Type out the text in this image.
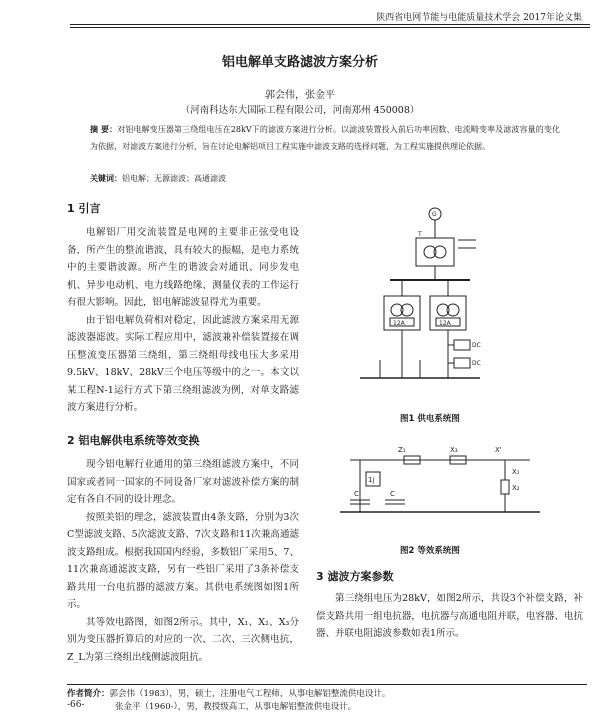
陕西省电网节能与电能质量技术学会 2017年论文集
铝电解单支路滤波方案分析
郭会伟，张金平
（河南科达东大国际工程有限公司，河南郑州 450008）
摘 要：对铝电解变压器第三绕组电压在28kV下的滤波方案进行分析。以滤波装置投入前后功率因数、电流畸变率及滤波容量的变化为依据，对滤波方案进行分析，旨在讨论电解铝项目工程实施中滤波支路的选择问题，为工程实施提供理论依据。
关键词：铝电解；无源滤波；高通滤波
1 引言

电解铝厂用交流装置是电网的主要非正弦受电设备，所产生的整流谐波，具有较大的振幅，是电力系统中的主要谐波源。所产生的谐波会对通讯、同步发电机、异步电动机、电力线路绝缘、测量仪表的工作运行有很大影响。因此，铝电解滤波显得尤为重要。

由于铝电解负荷相对稳定，因此滤波方案采用无源滤波器滤波。实际工程应用中，滤波兼补偿装置接在调压整流变压器第三绕组，第三绕组母线电压大多采用9.5kV、18kV、28kV三个电压等级中的之一。本文以某工程N-1运行方式下第三绕组滤波为例，对单支路滤波方案进行分析。

2 铝电解供电系统等效变换

现今铝电解行业通用的第三绕组滤波方案中，不同国家或者同一国家的不同设备厂家对滤波补偿方案的制定有各自不同的设计理念。

按照美铝的理念，滤波装置由4条支路，分别为3次C型滤波支路、5次滤波支路、7次支路和11次兼高通滤波支路组成。根据我国国内经验，多数铝厂采用5、7、11次兼高通滤波支路，另有一些铝厂采用了3条补偿支路共用一台电抗器的滤波方案。其供电系统图如图1所示。

其等效电路图，如图2所示。其中，X₁、X₂、X₃分别为变压器折算后的对应的一次、二次、三次侧电抗，Z_L为第三绕组出线侧滤波阻抗。

G
T
12A	12A
DC
DC
图1 供电系统图
Z₁	X₃	X'
X₁
X₂
1j
C	C
图2 等效系统图
3 滤波方案参数

第三绕组电压为28kV，如图2所示，共设3个补偿支路，补偿支路共用一组电抗器，电抗器与高通电阻并联，电容器、电抗器、并联电阻滤波参数如表1所示。

作者简介：郭会伟（1983），男，硕士，注册电气工程师，从事电解铝整流供电设计。
-66-	张金平（1960-），男，教授级高工，从事电解铝整流供电设计。
